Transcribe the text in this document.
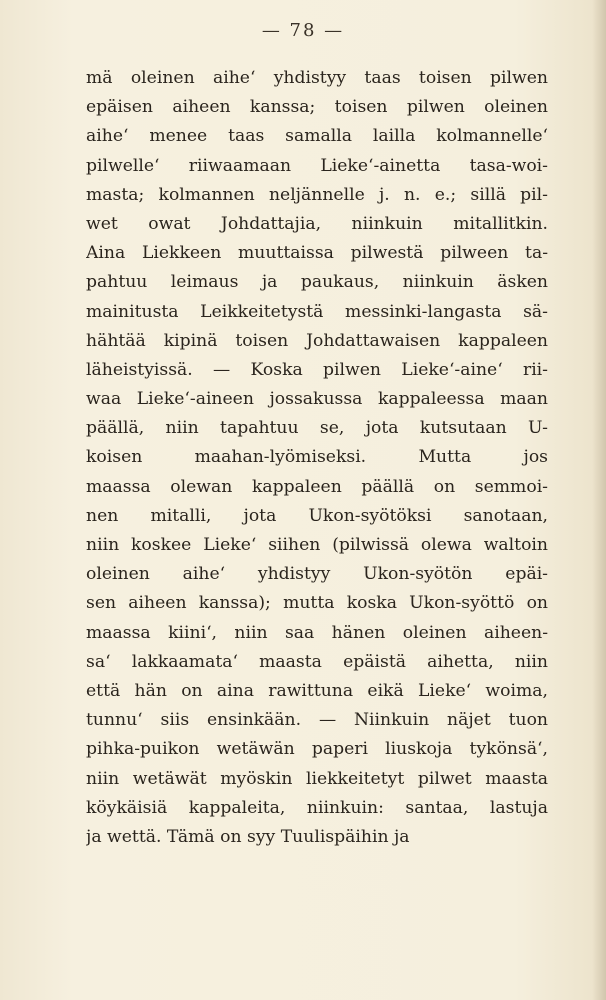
— 78 —
mä oleinen aihe‘ yhdistyy taas toisen pilwen
epäisen aiheen kanssa; toisen pilwen oleinen
aihe‘ menee taas samalla lailla kolmannelle‘
pilwelle‘ riiwaamaan Lieke‘-ainetta tasa-woi-
masta; kolmannen neljännelle j. n. e.; sillä pil-
wet owat Johdattajia, niinkuin mitallitkin.
Aina Liekkeen muuttaissa pilwestä pilween ta-
pahtuu leimaus ja paukaus, niinkuin äsken
mainitusta Leikkeitetystä messinki-langasta sä-
hähtää kipinä toisen Johdattawaisen kappaleen
läheistyissä. — Koska pilwen Lieke‘-aine‘ rii-
waa Lieke‘-aineen jossakussa kappaleessa maan
päällä, niin tapahtuu se, jota kutsutaan U-
koisen maahan-lyömiseksi. Mutta jos
maassa olewan kappaleen päällä on semmoi-
nen mitalli, jota Ukon-syötöksi sanotaan,
niin koskee Lieke‘ siihen (pilwissä olewa waltoin
oleinen aihe‘ yhdistyy Ukon-syötön epäi-
sen aiheen kanssa); mutta koska Ukon-syöttö on
maassa kiini‘, niin saa hänen oleinen aiheen-
sa‘ lakkaamata‘ maasta epäistä aihetta, niin
että hän on aina rawittuna eikä Lieke‘ woima,
tunnu‘ siis ensinkään. — Niinkuin näjet tuon
pihka-puikon wetäwän paperi liuskoja tykönsä‘,
niin wetäwät myöskin liekkeitetyt pilwet maasta
köykäisiä kappaleita, niinkuin: santaa, lastuja
ja wettä. Tämä on syy Tuulispäihin ja
